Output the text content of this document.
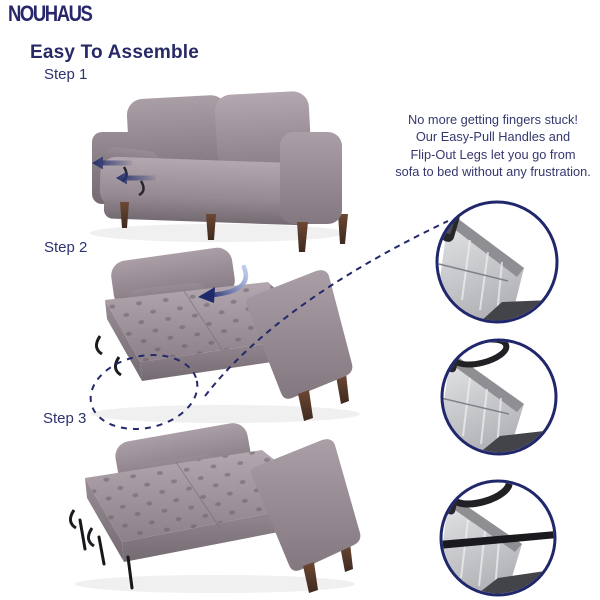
NOUHAUS
Easy To Assemble
Step 1
Step 2
Step 3
No more getting fingers stuck!
Our Easy-Pull Handles and
Flip-Out Legs let you go from
sofa to bed without any frustration.
